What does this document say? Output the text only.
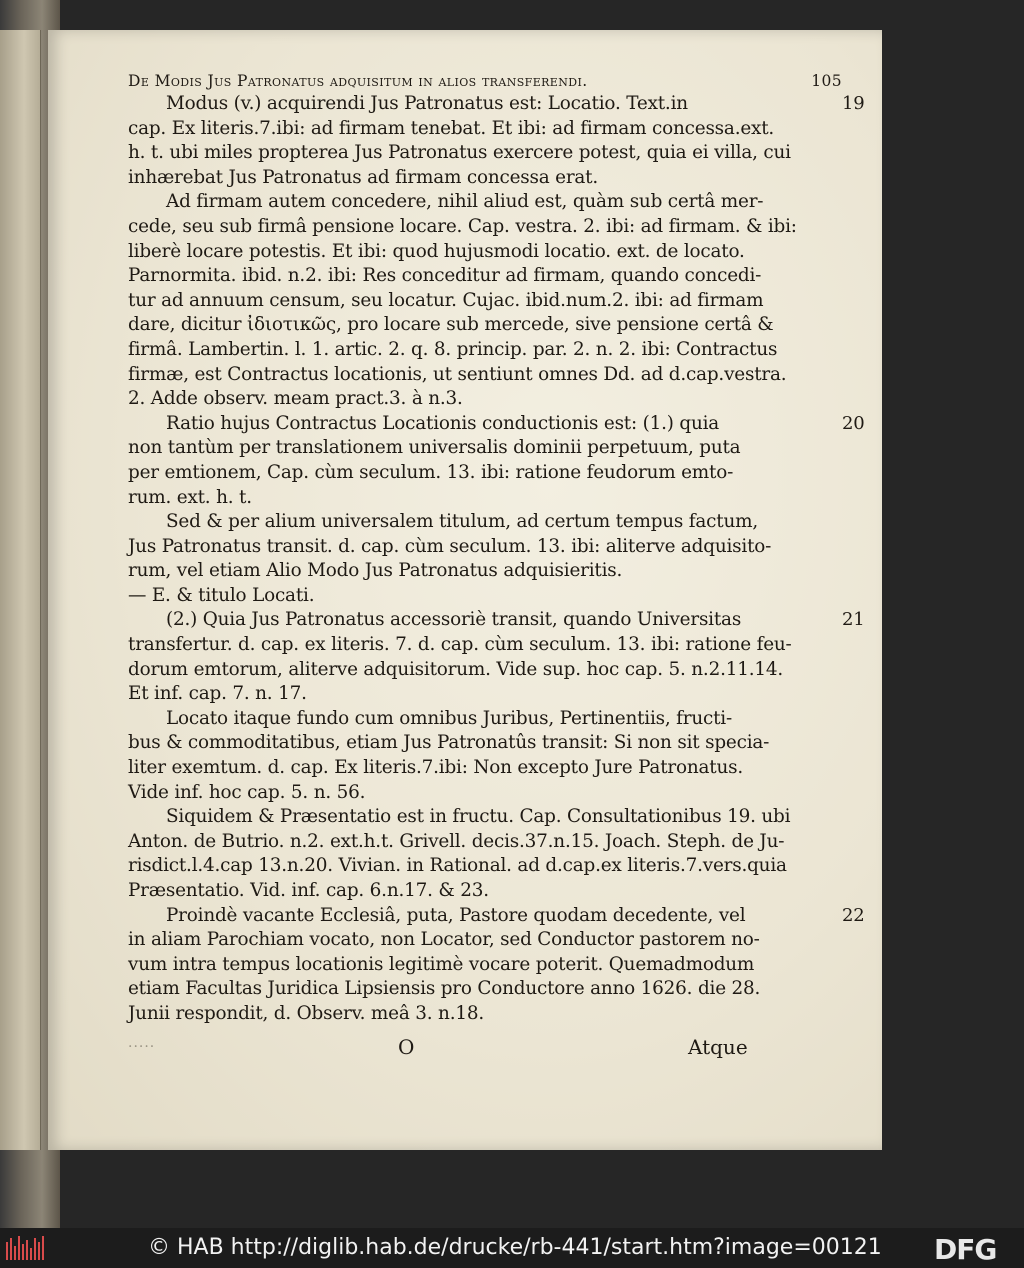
De Modis Jus Patronatus adquisitum in alios transferendi.	105
Modus (v.) acquirendi Jus Patronatus est: Locatio. Text.in	19
cap. Ex literis.7.ibi: ad firmam tenebat. Et ibi: ad firmam concessa.ext.
h. t. ubi miles propterea Jus Patronatus exercere potest, quia ei villa, cui
inhærebat Jus Patronatus ad firmam concessa erat.
Ad firmam autem concedere, nihil aliud est, quàm sub certâ mer-
cede, seu sub firmâ pensione locare. Cap. vestra. 2. ibi: ad firmam. & ibi:
liberè locare potestis. Et ibi: quod hujusmodi locatio. ext. de locato.
Parnormita. ibid. n.2. ibi: Res conceditur ad firmam, quando concedi-
tur ad annuum censum, seu locatur. Cujac. ibid.num.2. ibi: ad firmam
dare, dicitur ἰδιοτικῶς, pro locare sub mercede, sive pensione certâ &
firmâ. Lambertin. l. 1. artic. 2. q. 8. princip. par. 2. n. 2. ibi: Contractus
firmæ, est Contractus locationis, ut sentiunt omnes Dd. ad d.cap.vestra.
2. Adde observ. meam pract.3. à n.3.
Ratio hujus Contractus Locationis conductionis est: (1.) quia	20
non tantùm per translationem universalis dominii perpetuum, puta
per emtionem, Cap. cùm seculum. 13. ibi: ratione feudorum emto-
rum. ext. h. t.
Sed & per alium universalem titulum, ad certum tempus factum,
Jus Patronatus transit. d. cap. cùm seculum. 13. ibi: aliterve adquisito-
rum, vel etiam Alio Modo Jus Patronatus adquisieritis.
— E. & titulo Locati.
(2.) Quia Jus Patronatus accessoriè transit, quando Universitas	21
transfertur. d. cap. ex literis. 7. d. cap. cùm seculum. 13. ibi: ratione feu-
dorum emtorum, aliterve adquisitorum. Vide sup. hoc cap. 5. n.2.11.14.
Et inf. cap. 7. n. 17.
Locato itaque fundo cum omnibus Juribus, Pertinentiis, fructi-
bus & commoditatibus, etiam Jus Patronatûs transit: Si non sit specia-
liter exemtum. d. cap. Ex literis.7.ibi: Non excepto Jure Patronatus.
Vide inf. hoc cap. 5. n. 56.
Siquidem & Præsentatio est in fructu. Cap. Consultationibus 19. ubi
Anton. de Butrio. n.2. ext.h.t. Grivell. decis.37.n.15. Joach. Steph. de Ju-
risdict.l.4.cap 13.n.20. Vivian. in Rational. ad d.cap.ex literis.7.vers.quia
Præsentatio. Vid. inf. cap. 6.n.17. & 23.
Proindè vacante Ecclesiâ, puta, Pastore quodam decedente, vel	22
in aliam Parochiam vocato, non Locator, sed Conductor pastorem no-
vum intra tempus locationis legitimè vocare poterit. Quemadmodum
etiam Facultas Juridica Lipsiensis pro Conductore anno 1626. die 28.
Junii respondit, d. Observ. meâ 3. n.18.
·····	O	Atque
© HAB http://diglib.hab.de/drucke/rb-441/start.htm?image=00121 DFG
